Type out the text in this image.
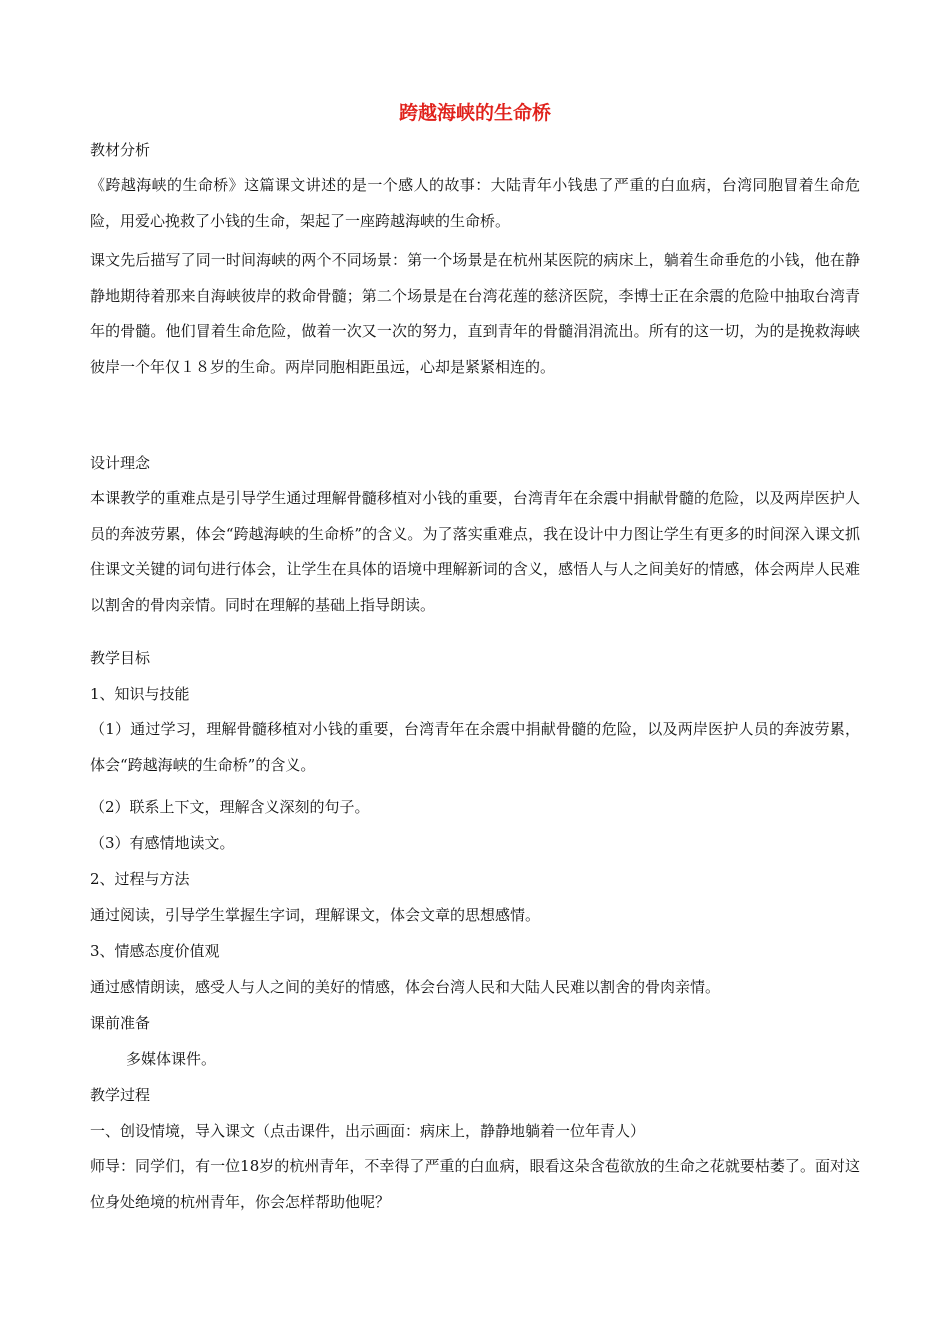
跨越海峡的生命桥
教材分析
《跨越海峡的生命桥》这篇课文讲述的是一个感人的故事：大陆青年小钱患了严重的白血病，台湾同胞冒着生命危险，用爱心挽救了小钱的生命，架起了一座跨越海峡的生命桥。
课文先后描写了同一时间海峡的两个不同场景：第一个场景是在杭州某医院的病床上，躺着生命垂危的小钱，他在静静地期待着那来自海峡彼岸的救命骨髓；第二个场景是在台湾花莲的慈济医院，李博士正在余震的危险中抽取台湾青年的骨髓。他们冒着生命危险，做着一次又一次的努力，直到青年的骨髓涓涓流出。所有的这一切，为的是挽救海峡彼岸一个年仅１８岁的生命。两岸同胞相距虽远，心却是紧紧相连的。
设计理念
本课教学的重难点是引导学生通过理解骨髓移植对小钱的重要，台湾青年在余震中捐献骨髓的危险，以及两岸医护人员的奔波劳累，体会“跨越海峡的生命桥”的含义。为了落实重难点，我在设计中力图让学生有更多的时间深入课文抓住课文关键的词句进行体会，让学生在具体的语境中理解新词的含义，感悟人与人之间美好的情感，体会两岸人民难以割舍的骨肉亲情。同时在理解的基础上指导朗读。
教学目标
1、知识与技能
（1）通过学习，理解骨髓移植对小钱的重要，台湾青年在余震中捐献骨髓的危险，以及两岸医护人员的奔波劳累，体会“跨越海峡的生命桥”的含义。
（2）联系上下文，理解含义深刻的句子。
（3）有感情地读文。
2、过程与方法
通过阅读，引导学生掌握生字词，理解课文，体会文章的思想感情。
3、情感态度价值观
通过感情朗读，感受人与人之间的美好的情感，体会台湾人民和大陆人民难以割舍的骨肉亲情。
课前准备
多媒体课件。
教学过程
一、创设情境，导入课文（点击课件，出示画面：病床上，静静地躺着一位年青人）
师导：同学们，有一位18岁的杭州青年，不幸得了严重的白血病，眼看这朵含苞欲放的生命之花就要枯萎了。面对这位身处绝境的杭州青年，你会怎样帮助他呢？
